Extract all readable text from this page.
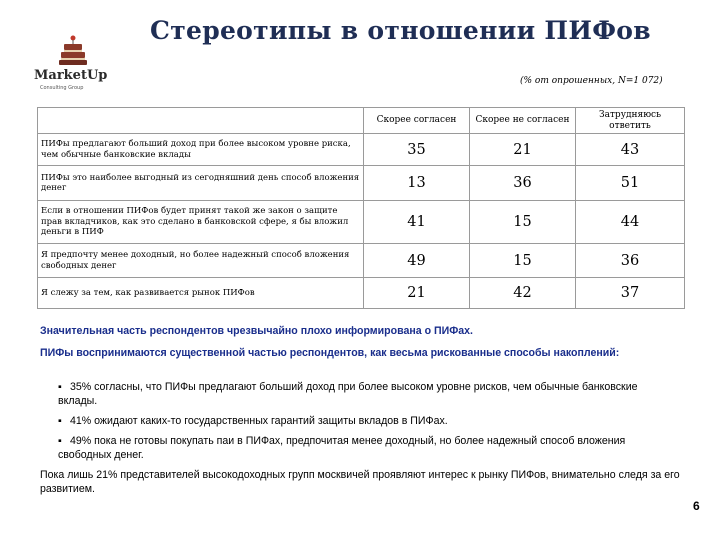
Стереотипы в отношении ПИФов
MarketUp
Consulting Group
(% от опрошенных, N=1 072)
	Скорее согласен	Скорее не согласен	Затрудняюсь ответить
ПИФы предлагают больший доход при более высоком уровне риска, чем обычные банковские вклады	35	21	43
ПИФы это наиболее выгодный из сегодняшний день способ вложения денег	13	36	51
Если в отношении ПИФов будет принят такой же закон о защите прав вкладчиков, как это сделано в банковской сфере, я бы вложил деньги в ПИФ	41	15	44
Я предпочту менее доходный, но более надежный способ вложения свободных денег	49	15	36
Я слежу за тем, как развивается рынок ПИФов	21	42	37
Значительная часть респондентов чрезвычайно плохо информирована о ПИФах.
ПИФы воспринимаются существенной частью респондентов, как весьма рискованные способы накоплений:
▪ 35% согласны, что ПИФы предлагают больший доход при более высоком уровне рисков, чем обычные банковские вклады.
▪ 41% ожидают каких-то государственных гарантий защиты вкладов в ПИФах.
▪ 49% пока не готовы покупать паи в ПИФах, предпочитая менее доходный, но более надежный способ вложения свободных денег.
Пока лишь 21% представителей высокодоходных групп москвичей проявляют интерес к рынку ПИФов, внимательно следя за его развитием.
6
